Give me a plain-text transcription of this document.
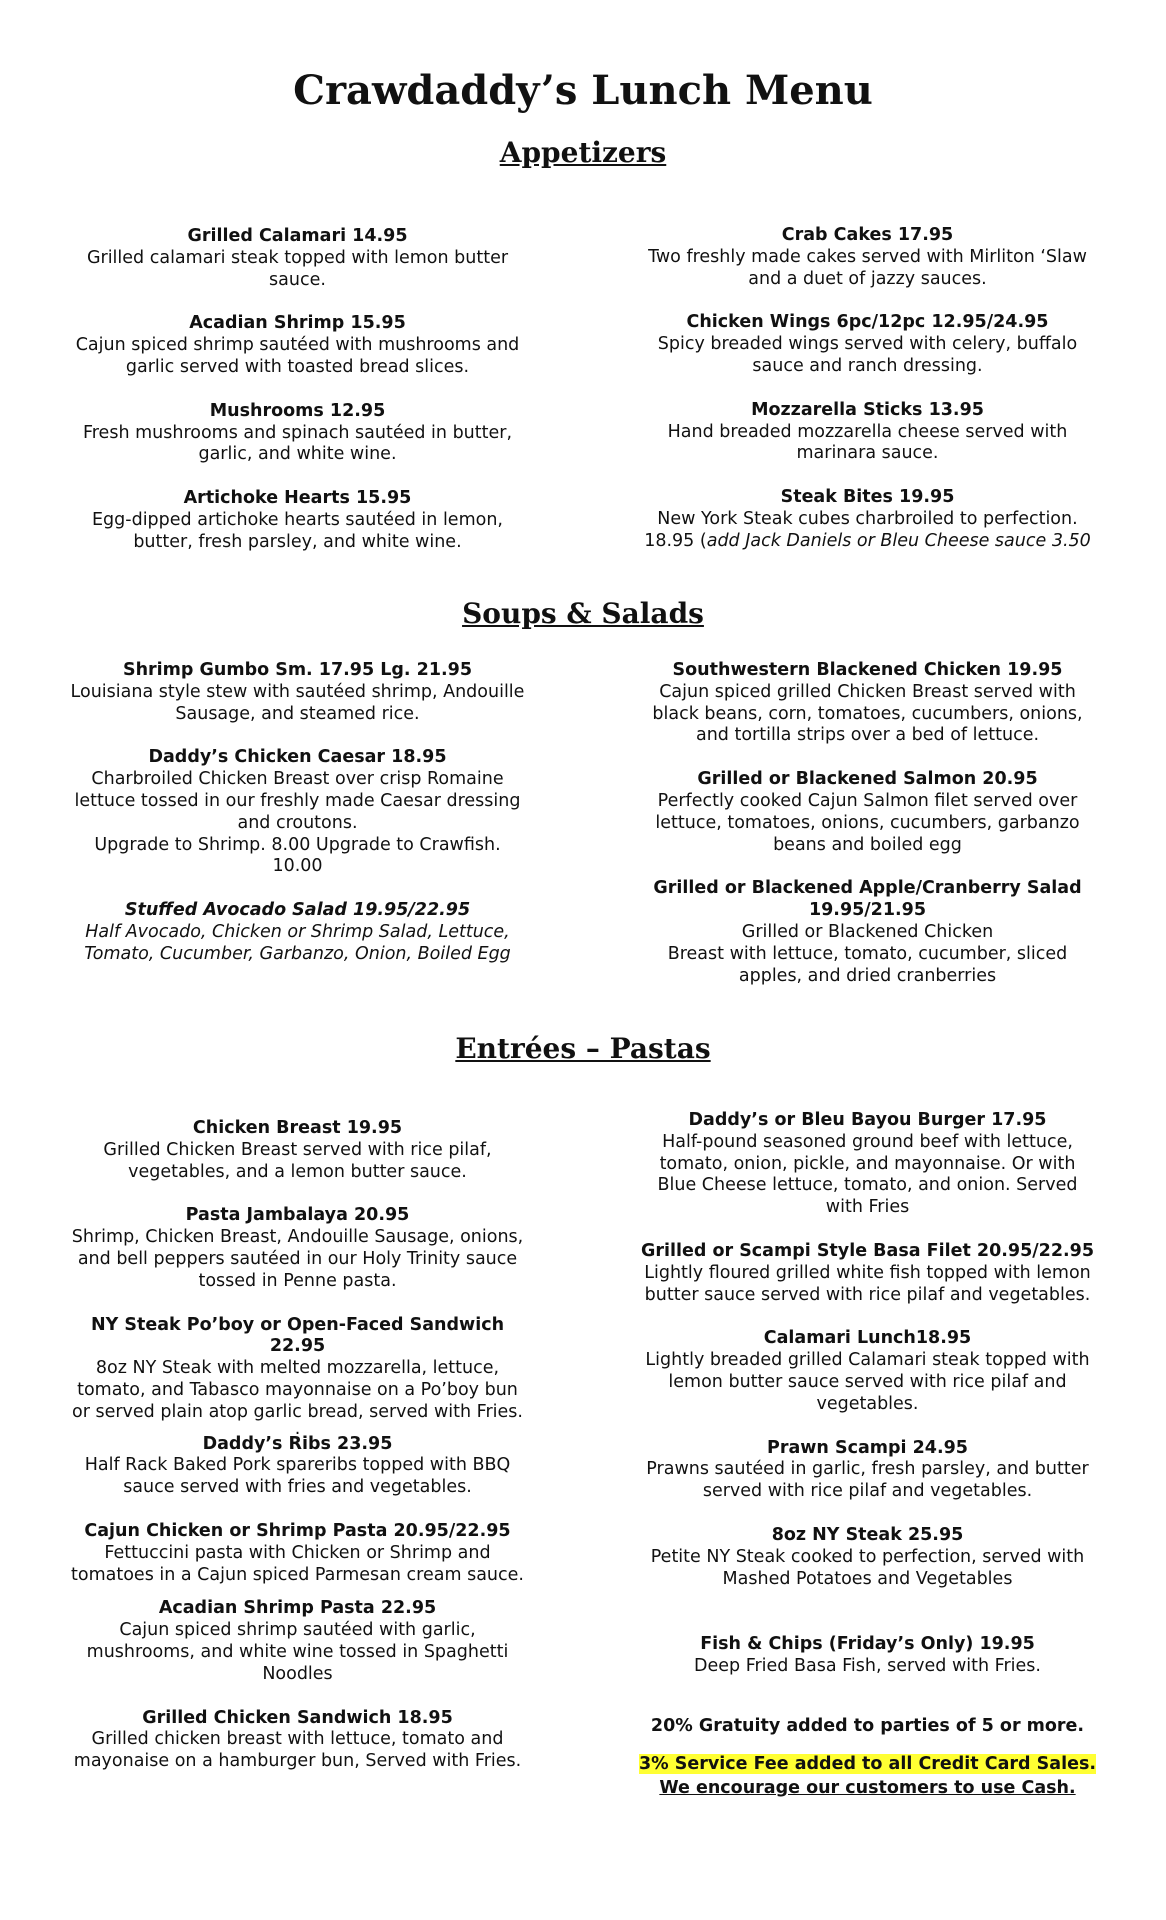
Crawdaddy’s Lunch Menu
Appetizers
Grilled Calamari 14.95
Grilled calamari steak topped with lemon butter sauce.
Acadian Shrimp 15.95
Cajun spiced shrimp sautéed with mushrooms and garlic served with toasted bread slices.
Mushrooms 12.95
Fresh mushrooms and spinach sautéed in butter, garlic, and white wine.
Artichoke Hearts 15.95
Egg-dipped artichoke hearts sautéed in lemon, butter, fresh parsley, and white wine.
Crab Cakes 17.95
Two freshly made cakes served with Mirliton ‘Slaw and a duet of jazzy sauces.
Chicken Wings 6pc/12pc 12.95/24.95
Spicy breaded wings served with celery, buffalo sauce and ranch dressing.
Mozzarella Sticks 13.95
Hand breaded mozzarella cheese served with marinara sauce.
Steak Bites 19.95
New York Steak cubes charbroiled to perfection.
18.95 (add Jack Daniels or Bleu Cheese sauce 3.50
Soups & Salads
Shrimp Gumbo Sm. 17.95 Lg. 21.95
Louisiana style stew with sautéed shrimp, Andouille Sausage, and steamed rice.
Daddy’s Chicken Caesar 18.95
Charbroiled Chicken Breast over crisp Romaine lettuce tossed in our freshly made Caesar dressing and croutons.
Upgrade to Shrimp. 8.00 Upgrade to Crawfish. 10.00
Stuffed Avocado Salad 19.95/22.95
Half Avocado, Chicken or Shrimp Salad, Lettuce, Tomato, Cucumber, Garbanzo, Onion, Boiled Egg
Southwestern Blackened Chicken 19.95
Cajun spiced grilled Chicken Breast served with black beans, corn, tomatoes, cucumbers, onions, and tortilla strips over a bed of lettuce.
Grilled or Blackened Salmon 20.95
Perfectly cooked Cajun Salmon filet served over lettuce, tomatoes, onions, cucumbers, garbanzo beans and boiled egg
Grilled or Blackened Apple/Cranberry Salad 19.95/21.95
Grilled or Blackened Chicken
Breast with lettuce, tomato, cucumber, sliced apples, and dried cranberries
Entrées – Pastas
Chicken Breast 19.95
Grilled Chicken Breast served with rice pilaf, vegetables, and a lemon butter sauce.
Pasta Jambalaya 20.95
Shrimp, Chicken Breast, Andouille Sausage, onions, and bell peppers sautéed in our Holy Trinity sauce tossed in Penne pasta.
NY Steak Po’boy or Open-Faced Sandwich 22.95
8oz NY Steak with melted mozzarella, lettuce, tomato, and Tabasco mayonnaise on a Po’boy bun or served plain atop garlic bread, served with Fries.
.
Daddy’s Ribs 23.95
Half Rack Baked Pork spareribs topped with BBQ sauce served with fries and vegetables.
Cajun Chicken or Shrimp Pasta 20.95/22.95
Fettuccini pasta with Chicken or Shrimp and tomatoes in a Cajun spiced Parmesan cream sauce.
Acadian Shrimp Pasta 22.95
Cajun spiced shrimp sautéed with garlic, mushrooms, and white wine tossed in Spaghetti Noodles
Grilled Chicken Sandwich 18.95
Grilled chicken breast with lettuce, tomato and mayonaise on a hamburger bun, Served with Fries.
Daddy’s or Bleu Bayou Burger 17.95
Half-pound seasoned ground beef with lettuce, tomato, onion, pickle, and mayonnaise. Or with Blue Cheese lettuce, tomato, and onion. Served with Fries
Grilled or Scampi Style Basa Filet 20.95/22.95
Lightly floured grilled white fish topped with lemon butter sauce served with rice pilaf and vegetables.
Calamari Lunch18.95
Lightly breaded grilled Calamari steak topped with lemon butter sauce served with rice pilaf and vegetables.
Prawn Scampi 24.95
Prawns sautéed in garlic, fresh parsley, and butter served with rice pilaf and vegetables.
8oz NY Steak 25.95
Petite NY Steak cooked to perfection, served with Mashed Potatoes and Vegetables
Fish & Chips (Friday’s Only) 19.95
Deep Fried Basa Fish, served with Fries.
20% Gratuity added to parties of 5 or more.
3% Service Fee added to all Credit Card Sales.
We encourage our customers to use Cash.
